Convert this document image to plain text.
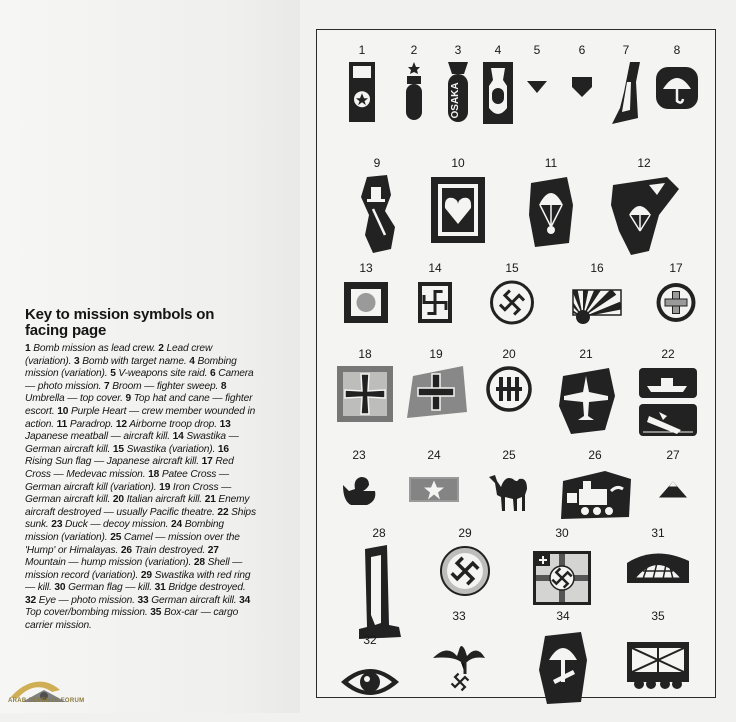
Key to mission symbols on facing page
1 Bomb mission as lead crew. 2 Lead crew (variation). 3 Bomb with target name. 4 Bombing mission (variation). 5 V-weapons site raid. 6 Camera — photo mission. 7 Broom — fighter sweep. 8 Umbrella — top cover. 9 Top hat and cane — fighter escort. 10 Purple Heart — crew member wounded in action. 11 Paradrop. 12 Airborne troop drop. 13 Japanese meatball — aircraft kill. 14 Swastika — German aircraft kill. 15 Swastika (variation). 16 Rising Sun flag — Japanese aircraft kill. 17 Red Cross — Medevac mission. 18 Patee Cross — German aircraft kill (variation). 19 Iron Cross — German aircraft kill. 20 Italian aircraft kill. 21 Enemy aircraft destroyed — usually Pacific theatre. 22 Ships sunk. 23 Duck — decoy mission. 24 Bombing mission (variation). 25 Camel — mission over the 'Hump' or Himalayas. 26 Train destroyed. 27 Mountain — hump mission (variation). 28 Shell — mission record (variation). 29 Swastika with red ring — kill. 30 German flag — kill. 31 Bridge destroyed. 32 Eye — photo mission. 33 German aircraft kill. 34 Top cover/bombing mission. 35 Box-car — cargo carrier mission.
1	2	3
OSAKA
4	5	6	7	8
9	10	11	12
13	14	15	16	17
18	19	20	21	22
23	24	25	26	27
28	29	30	31
32
33	34	35
ARAB DEFENSE FORUM
